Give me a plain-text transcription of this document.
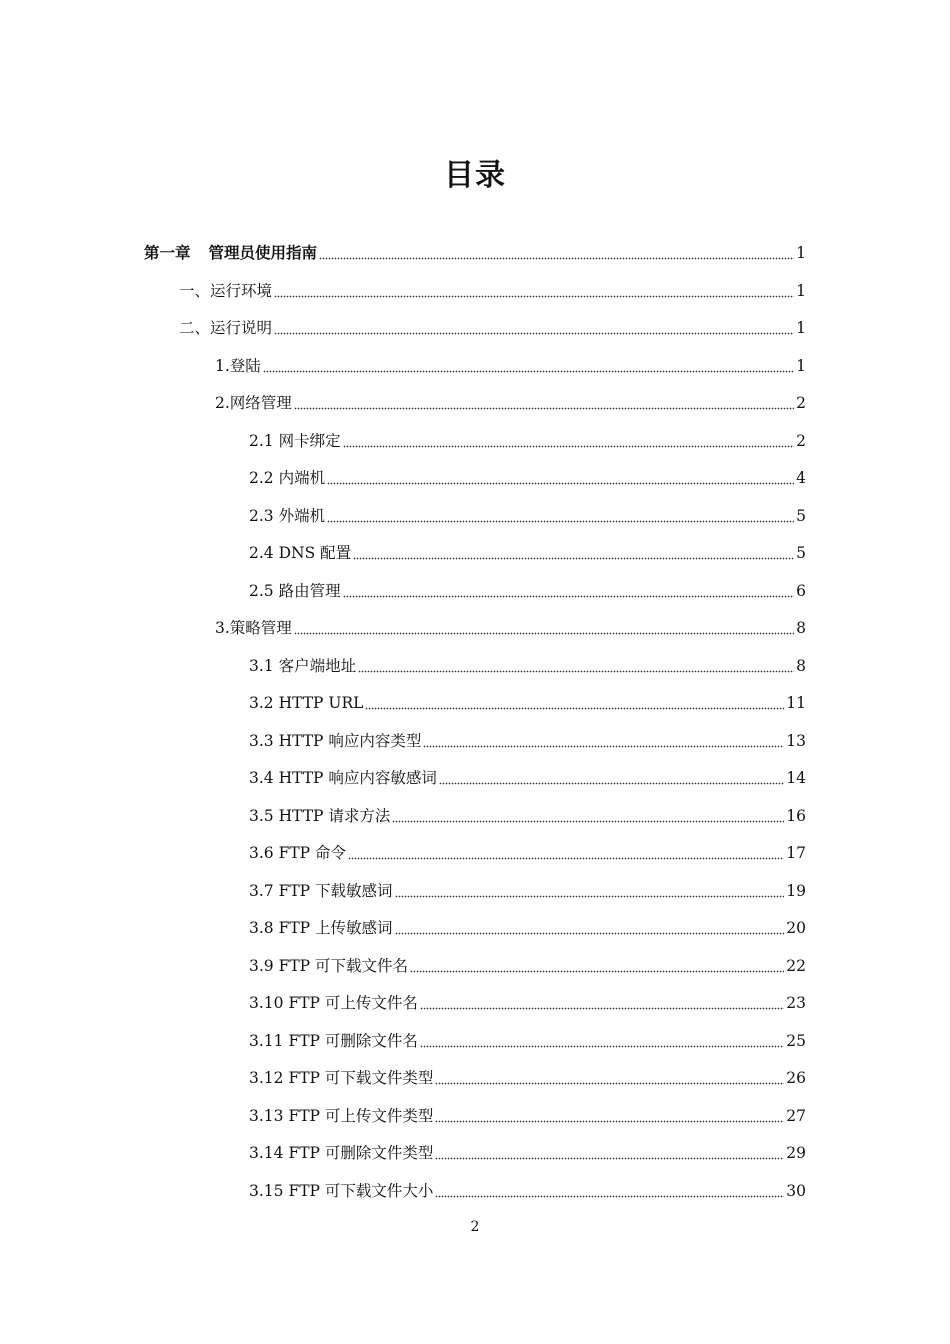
目录
第一章 管理员使用指南	1
一、运行环境	1
二、运行说明	1
1.登陆	1
2.网络管理	2
2.1 网卡绑定	2
2.2 内端机	4
2.3 外端机	5
2.4 DNS 配置	5
2.5 路由管理	6
3.策略管理	8
3.1 客户端地址	8
3.2 HTTP URL	11
3.3 HTTP 响应内容类型	13
3.4 HTTP 响应内容敏感词	14
3.5 HTTP 请求方法	16
3.6 FTP 命令	17
3.7 FTP 下载敏感词	19
3.8 FTP 上传敏感词	20
3.9 FTP 可下载文件名	22
3.10 FTP 可上传文件名	23
3.11 FTP 可删除文件名	25
3.12 FTP 可下载文件类型	26
3.13 FTP 可上传文件类型	27
3.14 FTP 可删除文件类型	29
3.15 FTP 可下载文件大小	30
2
